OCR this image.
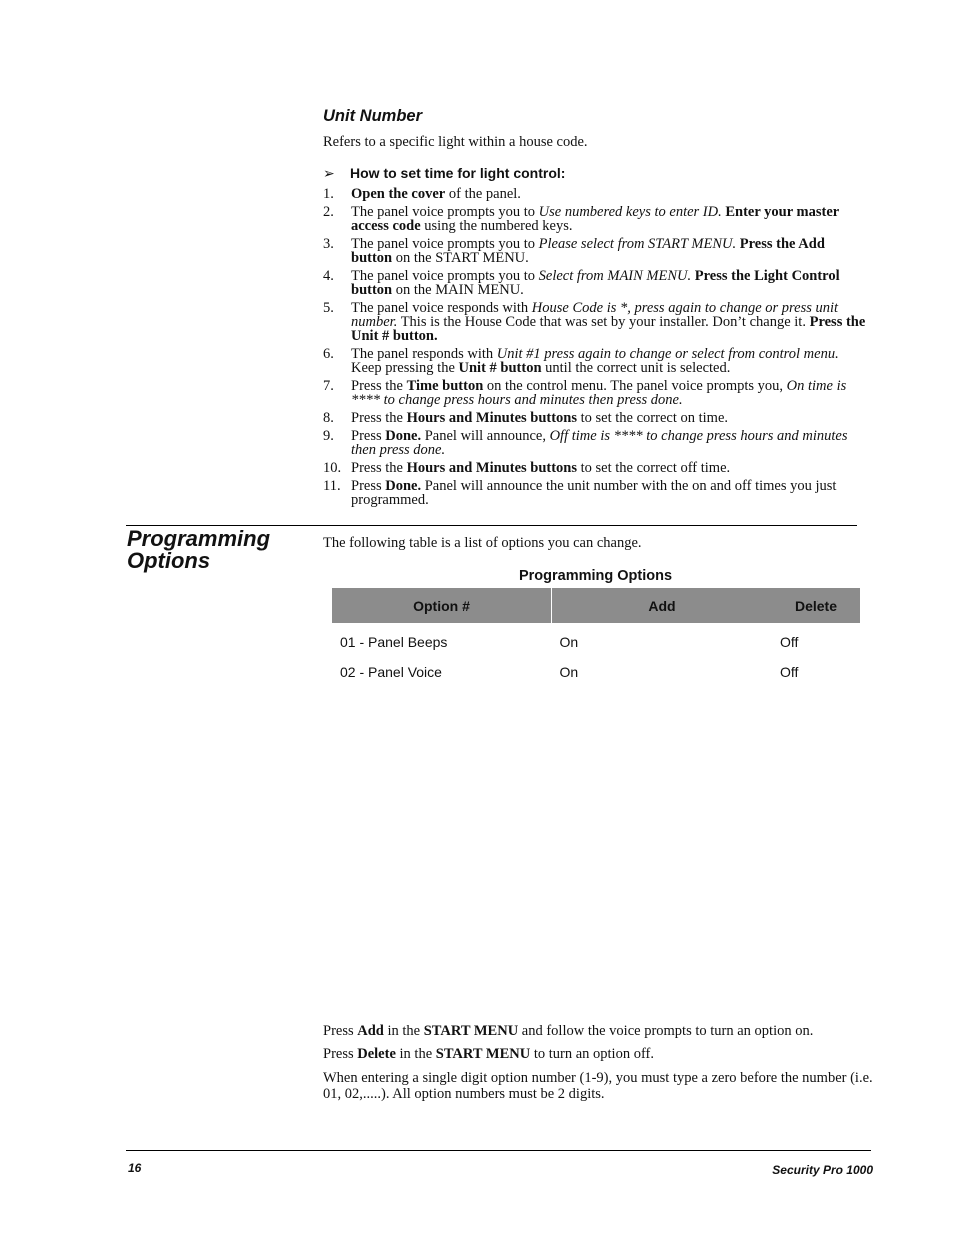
Unit Number
Refers to a specific light within a house code.
➢ How to set time for light control:
1. Open the cover of the panel.
2. The panel voice prompts you to Use numbered keys to enter ID. Enter your master access code using the numbered keys.
3. The panel voice prompts you to Please select from START MENU. Press the Add button on the START MENU.
4. The panel voice prompts you to Select from MAIN MENU. Press the Light Control button on the MAIN MENU.
5. The panel voice responds with House Code is *, press again to change or press unit number. This is the House Code that was set by your installer. Don’t change it. Press the Unit # button.
6. The panel responds with Unit #1 press again to change or select from control menu. Keep pressing the Unit # button until the correct unit is selected.
7. Press the Time button on the control menu. The panel voice prompts you, On time is **** to change press hours and minutes then press done.
8. Press the Hours and Minutes buttons to set the correct on time.
9. Press Done. Panel will announce, Off time is **** to change press hours and minutes then press done.
10. Press the Hours and Minutes buttons to set the correct off time.
11. Press Done. Panel will announce the unit number with the on and off times you just programmed.
Programming
Options
The following table is a list of options you can change.
Programming Options
Option #	Add	Delete
01 - Panel Beeps	On	Off
02 - Panel Voice	On	Off
Press Add in the START MENU and follow the voice prompts to turn an option on.
Press Delete in the START MENU to turn an option off.
When entering a single digit option number (1-9), you must type a zero before the number (i.e. 01, 02,.....). All option numbers must be 2 digits.
16	Security Pro 1000
